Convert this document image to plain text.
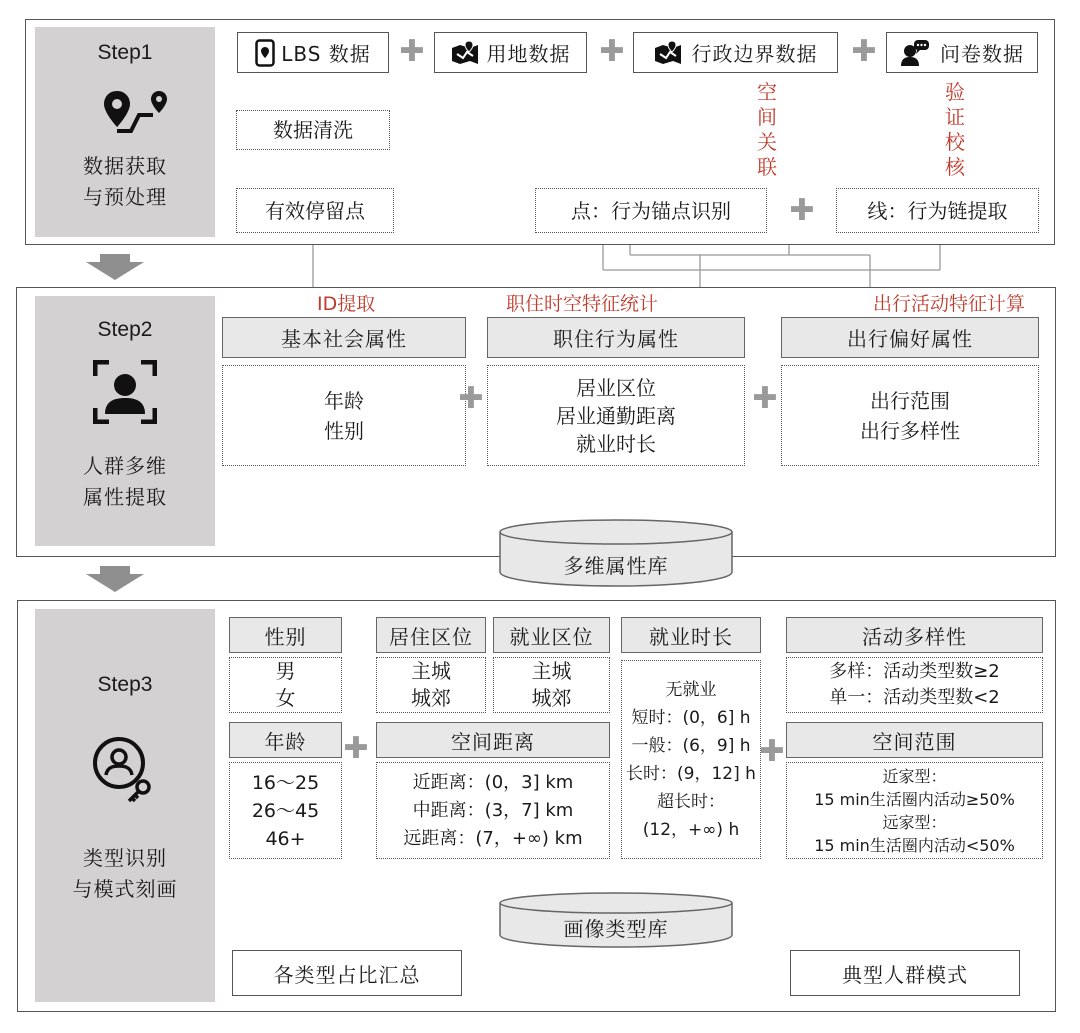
Step1
数据获取
与预处理
LBS 数据 ✚	用地数据 ✚	行政边界数据 ✚	问卷数据
数据清洗
有效停留点	点：行为锚点识别 ✚	线：行为链提取
空间关联
验证校核
Step2
人群多维
属性提取
ID提取	职住时空特征统计	出行活动特征计算
基本社会属性
年龄
性别
✚
职住行为属性
居业区位
居业通勤距离
就业时长
✚
出行偏好属性
出行范围
出行多样性
多维属性库
Step3
类型识别
与模式刻画
性别
男
女
年龄
16～25
26～45
46+
✚
居住区位
主城
城郊
就业区位
主城
城郊
空间距离
近距离：(0，3] km
中距离：(3，7] km
远距离：(7，+∞) km
就业时长
无就业
短时：(0，6] h
一般：(6，9] h
长时：(9，12] h
超长时：
(12，+∞) h
✚
活动多样性
多样：活动类型数≥2
单一：活动类型数<2
空间范围
近家型：
15 min生活圈内活动≥50%
远家型：
15 min生活圈内活动<50%
画像类型库
各类型占比汇总	典型人群模式
